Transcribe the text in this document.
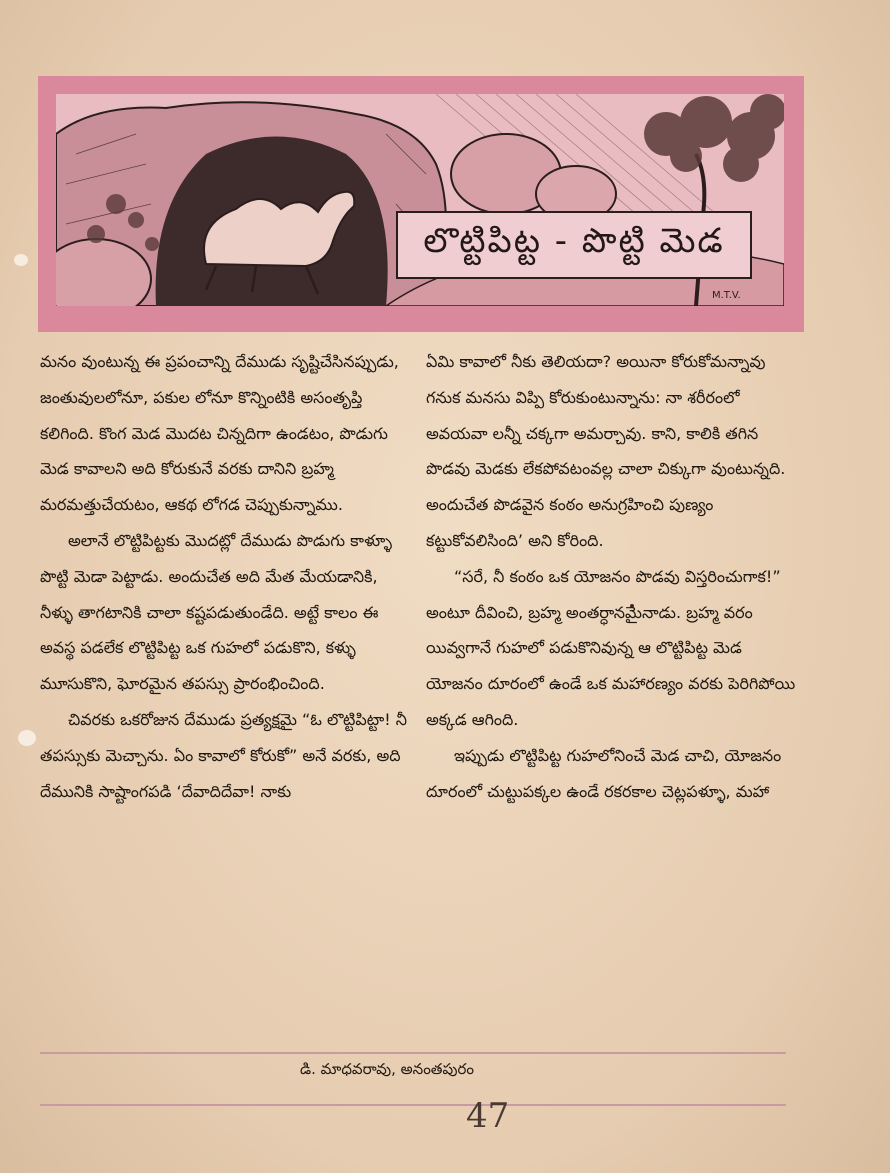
M.T.V.
లొట్టిపిట్ట - పొట్టి మెడ

మనం వుంటున్న ఈ ప్రపంచాన్ని దేముడు సృష్టిచేసినప్పుడు, జంతువులలోనూ, పకుల లోనూ కొన్నింటికి అసంతృప్తి కలిగింది. కొంగ మెడ మొదట చిన్నదిగా ఉండటం, పొడుగు మెడ కావాలని అది కోరుకునే వరకు దానిని బ్రహ్మ మరమత్తుచేయటం, ఆకథ లోగడ చెప్పుకున్నాము.

అలానే లొట్టిపిట్టకు మొదట్లో దేముడు పొడుగు కాళ్ళూ పొట్టి మెడా పెట్టాడు. అందుచేత అది మేత మేయడానికి, నీళ్ళు తాగటానికి చాలా కష్టపడుతుండేది. అట్టే కాలం ఈ అవస్థ పడలేక లొట్టిపిట్ట ఒక గుహలో పడుకొని, కళ్ళు మూసుకొని, ఘోరమైన తపస్సు ప్రారంభించింది.

చివరకు ఒకరోజున దేముడు ప్రత్యక్షమై “ఓ లొట్టిపిట్టా! నీ తపస్సుకు మెచ్చాను. ఏం కావాలో కోరుకో” అనే వరకు, అది దేమునికి సాష్టాంగపడి ‘దేవాదిదేవా! నాకు

ఏమి కావాలో నీకు తెలియదా? అయినా కోరుకోమన్నావు గనుక మనసు విప్పి కోరుకుంటున్నాను: నా శరీరంలో అవయవా లన్నీ చక్కగా అమర్చావు. కాని, కాలికి తగిన పొడవు మెడకు లేకపోవటంవల్ల చాలా చిక్కుగా వుంటున్నది. అందుచేత పొడవైన కంఠం అనుగ్రహించి పుణ్యం కట్టుకోవలిసింది’ అని కోరింది.

“సరే, నీ కంఠం ఒక యోజనం పొడవు విస్తరించుగాక!” అంటూ దీవించి, బ్రహ్మ అంతర్ధానమైనాడు. బ్రహ్మ వరం యివ్వగానే గుహలో పడుకొనివున్న ఆ లొట్టిపిట్ట మెడ యోజనం దూరంలో ఉండే ఒక మహారణ్యం వరకు పెరిగిపోయి అక్కడ ఆగింది.

ఇప్పుడు లొట్టిపిట్ట గుహలోనించే మెడ చాచి, యోజనం దూరంలో చుట్టుపక్కల ఉండే రకరకాల చెట్లపళ్ళూ, మహా

డి. మాధవరావు, అనంతపురం
47
